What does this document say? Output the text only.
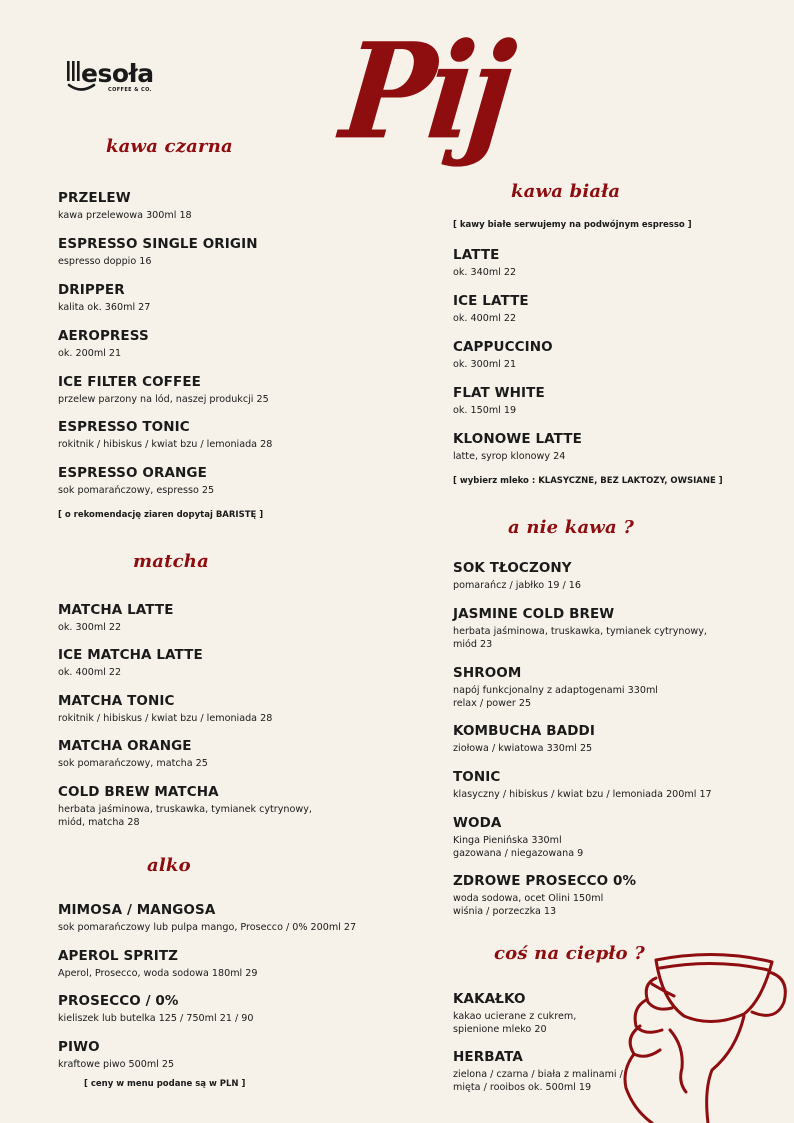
esoła
COFFEE & CO. Pij
kawa czarna
PRZELEW
kawa przelewowa 300ml 18
ESPRESSO SINGLE ORIGIN
espresso doppio 16
DRIPPER
kalita ok. 360ml 27
AEROPRESS
ok. 200ml 21
ICE FILTER COFFEE
przelew parzony na lód, naszej produkcji 25
ESPRESSO TONIC
rokitnik / hibiskus / kwiat bzu / lemoniada 28
ESPRESSO ORANGE
sok pomarańczowy, espresso 25
[ o rekomendację ziaren dopytaj BARISTĘ ]
matcha
MATCHA LATTE
ok. 300ml 22
ICE MATCHA LATTE
ok. 400ml 22
MATCHA TONIC
rokitnik / hibiskus / kwiat bzu / lemoniada 28
MATCHA ORANGE
sok pomarańczowy, matcha 25
COLD BREW MATCHA
herbata jaśminowa, truskawka, tymianek cytrynowy, miód, matcha 28
alko
MIMOSA / MANGOSA
sok pomarańczowy lub pulpa mango, Prosecco / 0% 200ml 27
APEROL SPRITZ
Aperol, Prosecco, woda sodowa 180ml 29
PROSECCO / 0%
kieliszek lub butelka 125 / 750ml 21 / 90
PIWO
kraftowe piwo 500ml 25
[ ceny w menu podane są w PLN ]
kawa biała
[ kawy białe serwujemy na podwójnym espresso ]
LATTE
ok. 340ml 22
ICE LATTE
ok. 400ml 22
CAPPUCCINO
ok. 300ml 21
FLAT WHITE
ok. 150ml 19
KLONOWE LATTE
latte, syrop klonowy 24
[ wybierz mleko : KLASYCZNE, BEZ LAKTOZY, OWSIANE ]
a nie kawa ?
SOK TŁOCZONY
pomarańcz / jabłko 19 / 16
JASMINE COLD BREW
herbata jaśminowa, truskawka, tymianek cytrynowy, miód 23
SHROOM
napój funkcjonalny z adaptogenami 330ml relax / power 25
KOMBUCHA BADDI
ziołowa / kwiatowa 330ml 25
TONIC
klasyczny / hibiskus / kwiat bzu / lemoniada 200ml 17
WODA
Kinga Pienińska 330ml gazowana / niegazowana 9
ZDROWE PROSECCO 0%
woda sodowa, ocet Olini 150ml wiśnia / porzeczka 13
coś na ciepło ?
KAKAŁKO
kakao ucierane z cukrem, spienione mleko 20
HERBATA
zielona / czarna / biała z malinami / mięta / rooibos ok. 500ml 19
